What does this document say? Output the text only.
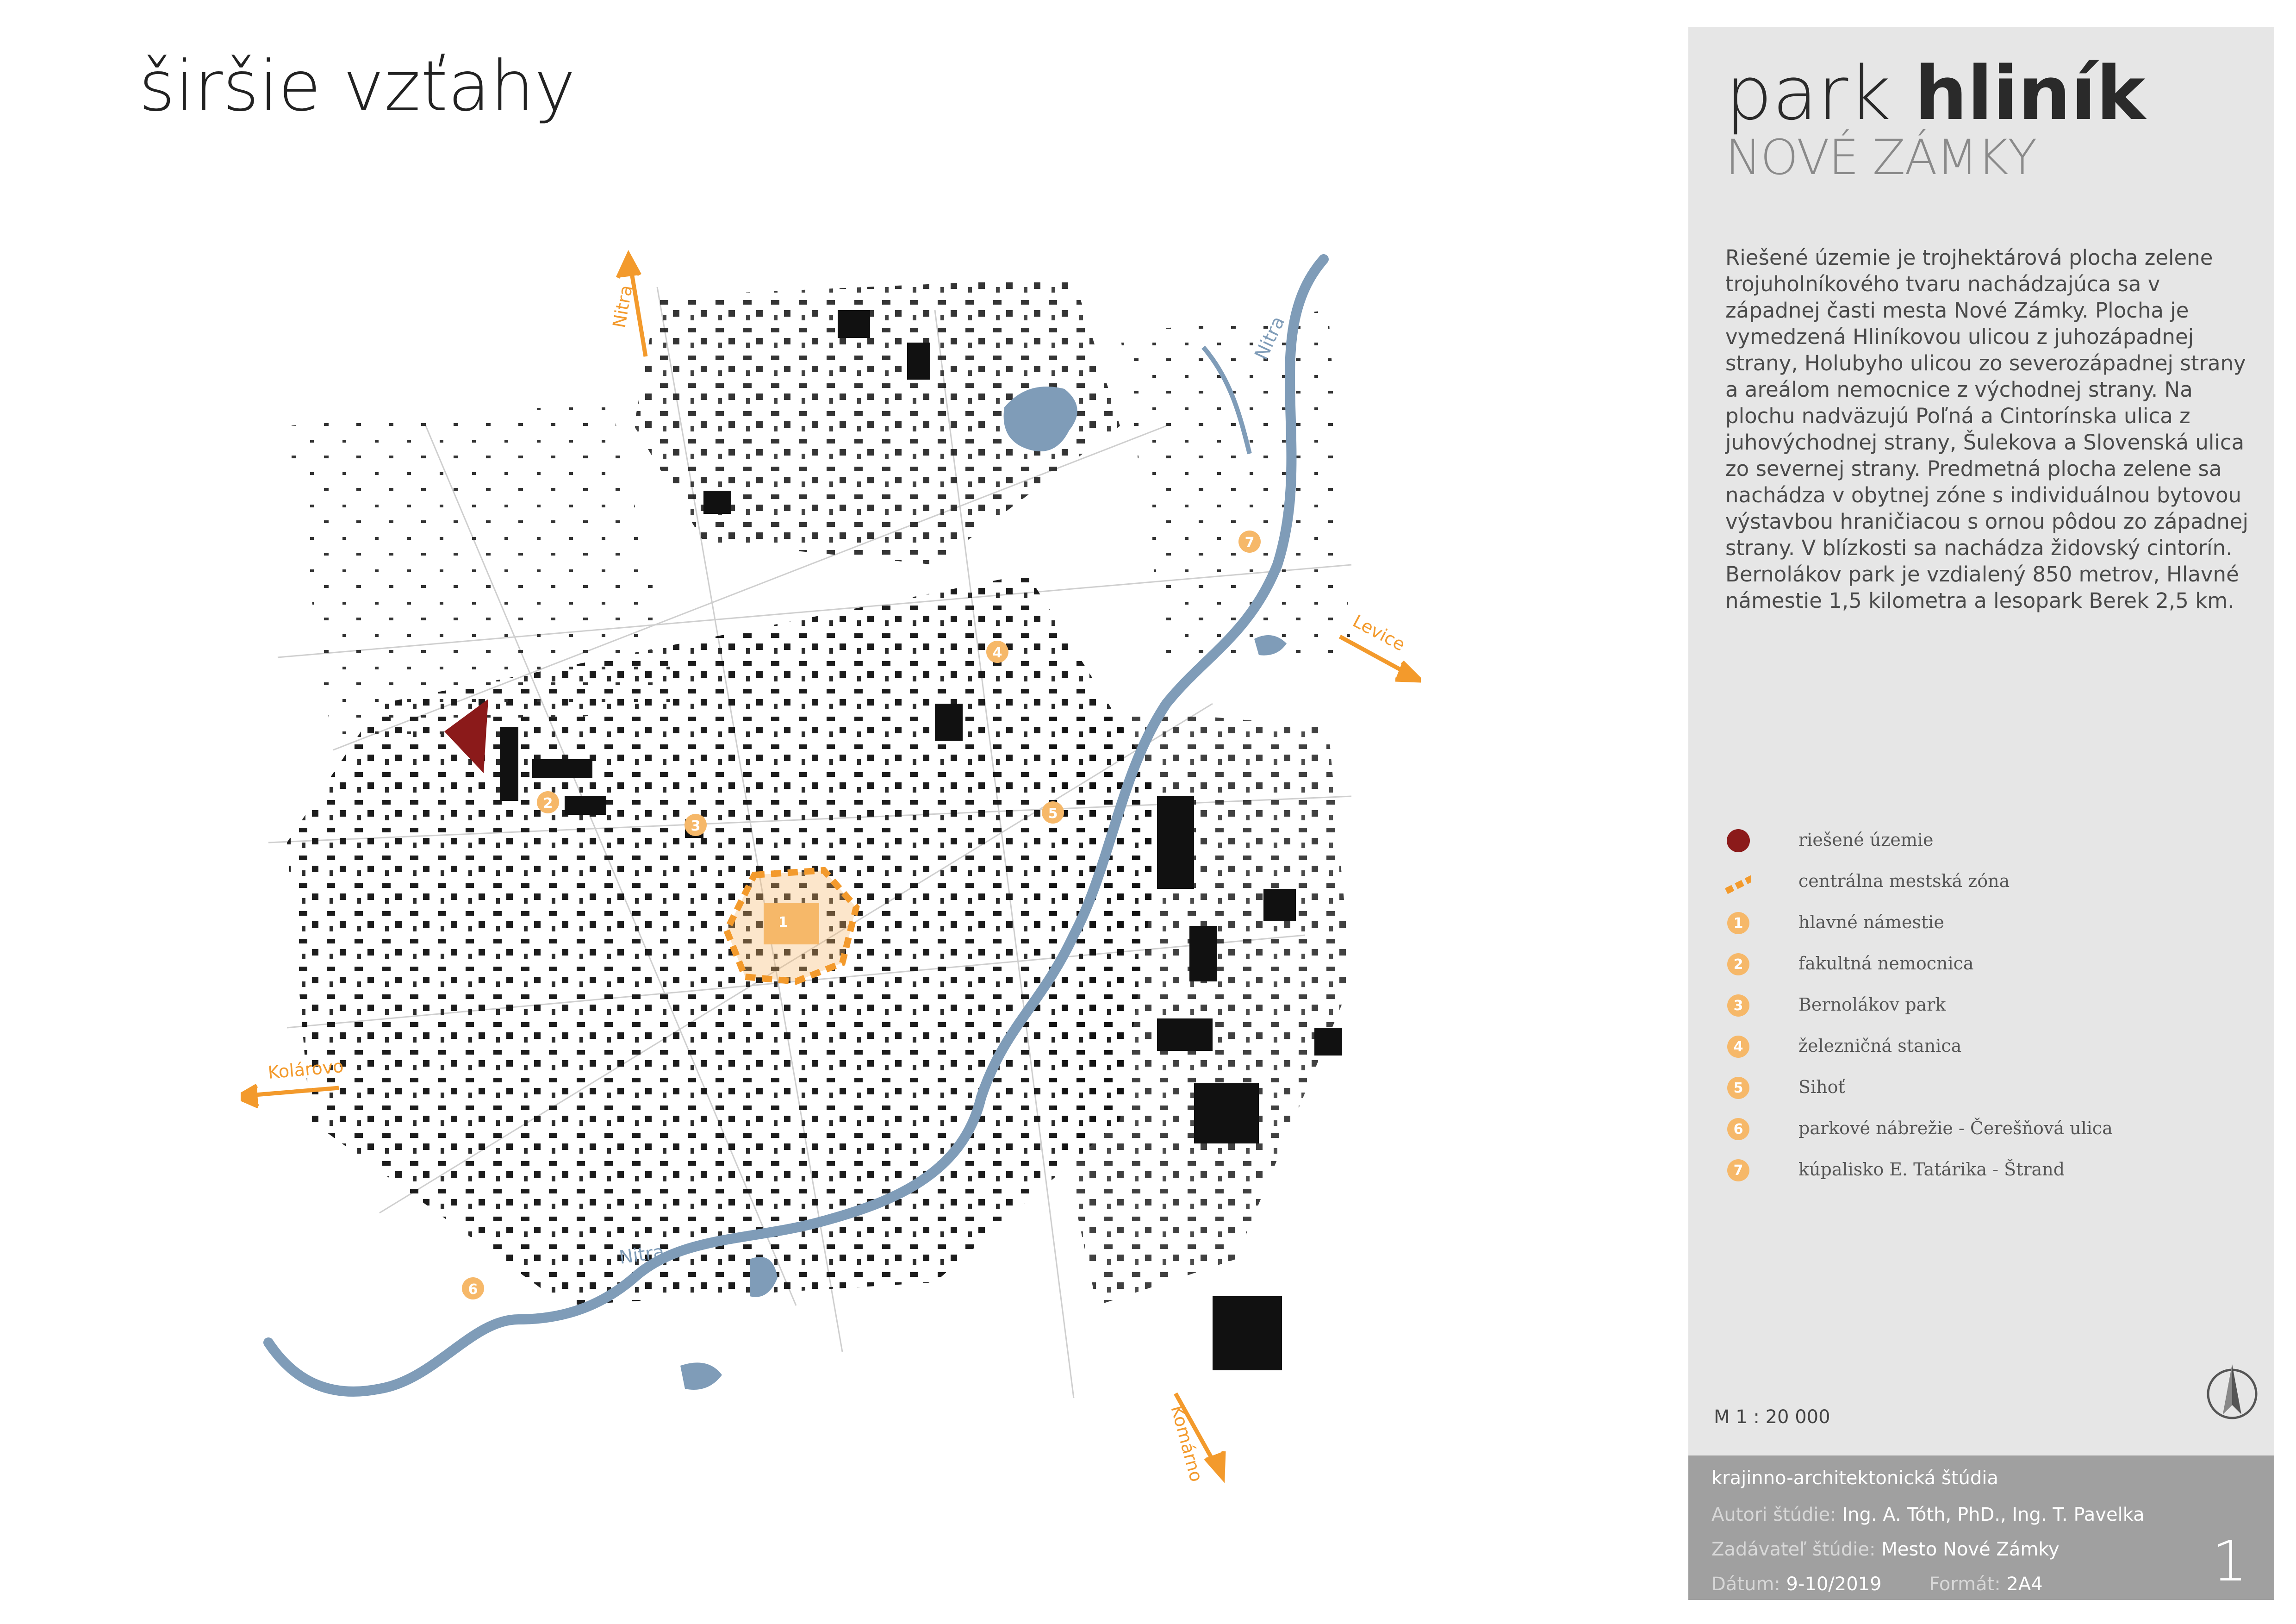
širšie vzťahy
Nitra
Nitra
Nitra
Levice
Kolárovo
Komárno
1
2
3
4
5
6
7
park hliník
NOVÉ ZÁMKY

Riešené územie je trojhektárová plocha zelene trojuholníkového tvaru nachádzajúca sa v západnej časti mesta Nové Zámky. Plocha je vymedzená Hliníkovou ulicou z juhozápadnej strany, Holubyho ulicou zo severozápadnej strany a areálom nemocnice z východnej strany. Na plochu nadväzujú Poľná a Cintorínska ulica z juhovýchodnej strany, Šulekova a Slovenská ulica zo severnej strany. Predmetná plocha zelene sa nachádza v obytnej zóne s individuálnou bytovou výstavbou hraničiacou s ornou pôdou zo západnej strany. V blízkosti sa nachádza židovský cintorín. Bernolákov park je vzdialený 850 metrov, Hlavné námestie 1,5 kilometra a lesopark Berek 2,5 km.

riešené územie
centrálna mestská zóna
1	hlavné námestie
2	fakultná nemocnica
3	Bernolákov park
4	železničná stanica
5	Sihoť
6	parkové nábrežie - Čerešňová ulica
7	kúpalisko E. Tatárika - Štrand
M 1 : 20 000
krajinno-architektonická štúdia
Autori štúdie: Ing. A. Tóth, PhD., Ing. T. Pavelka
Zadávateľ štúdie: Mesto Nové Zámky
Dátum: 9-10/2019	Formát: 2A4	1
